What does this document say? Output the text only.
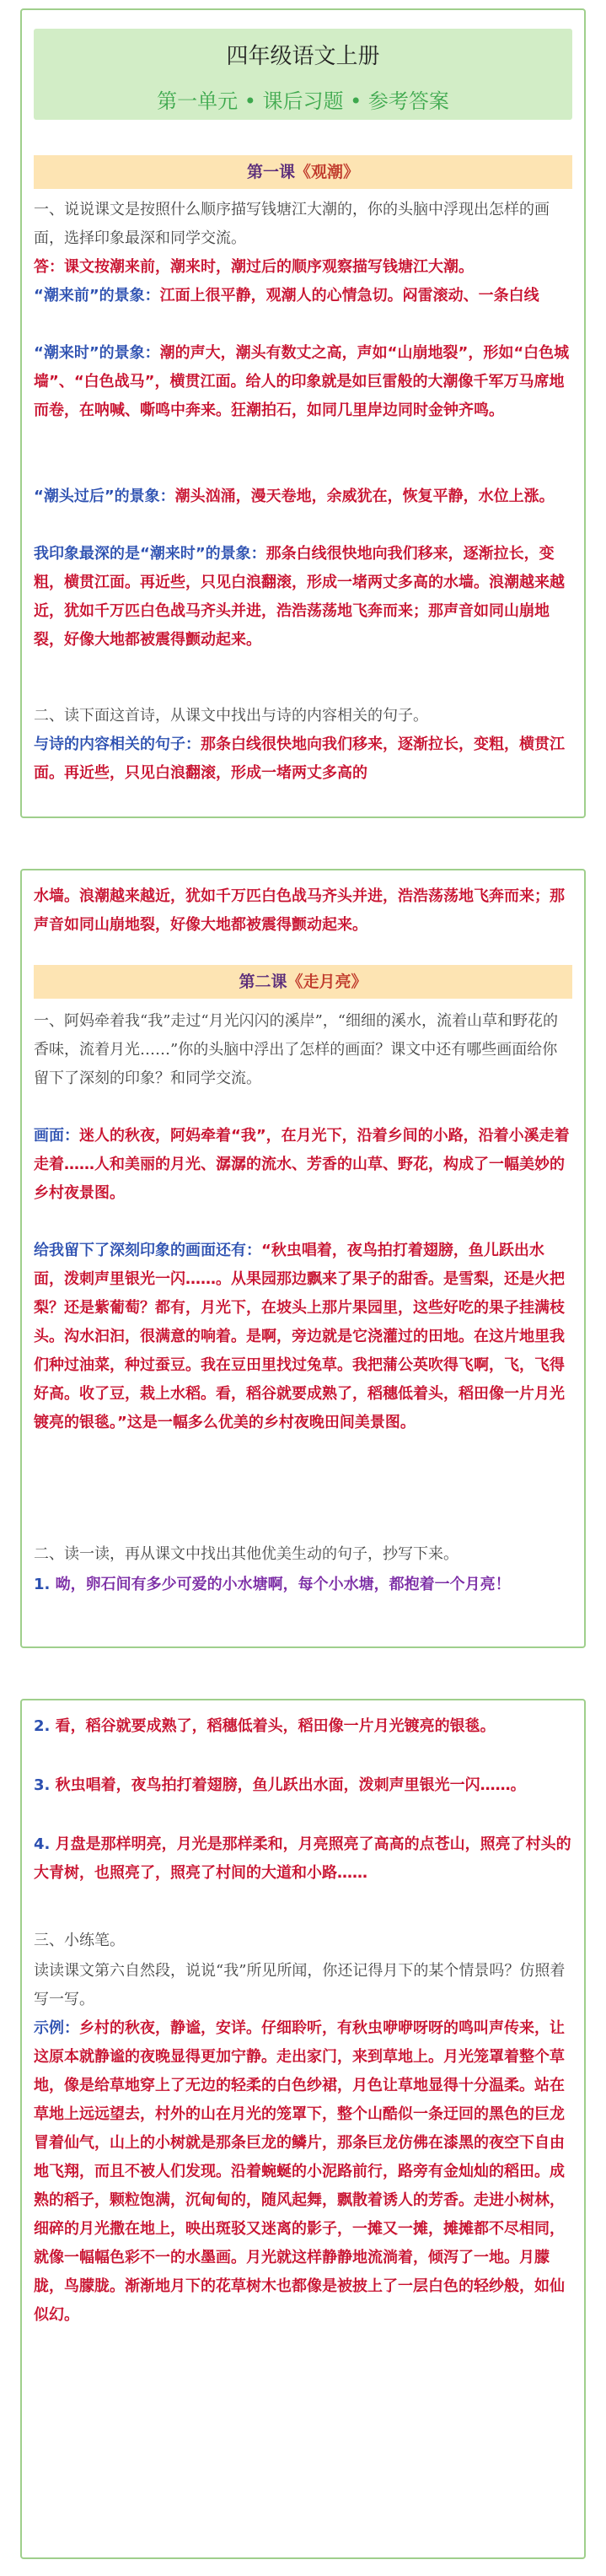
四年级语文上册
第一单元 • 课后习题 • 参考答案
第一课《观潮》

一、说说课文是按照什么顺序描写钱塘江大潮的，你的头脑中浮现出怎样的画面，选择印象最深和同学交流。

答：课文按潮来前，潮来时，潮过后的顺序观察描写钱塘江大潮。

“潮来前”的景象：江面上很平静，观潮人的心情急切。闷雷滚动、一条白线

“潮来时”的景象：潮的声大，潮头有数丈之高，声如“山崩地裂”，形如“白色城墙”、“白色战马”，横贯江面。给人的印象就是如巨雷般的大潮像千军万马席地而卷，在呐喊、嘶鸣中奔来。狂潮拍石，如同几里岸边同时金钟齐鸣。

“潮头过后”的景象：潮头汹涌，漫天卷地，余威犹在，恢复平静，水位上涨。

我印象最深的是“潮来时”的景象：那条白线很快地向我们移来，逐渐拉长，变粗，横贯江面。再近些，只见白浪翻滚，形成一堵两丈多高的水墙。浪潮越来越近，犹如千万匹白色战马齐头并进，浩浩荡荡地飞奔而来；那声音如同山崩地裂，好像大地都被震得颤动起来。

二、读下面这首诗，从课文中找出与诗的内容相关的句子。

与诗的内容相关的句子：那条白线很快地向我们移来，逐渐拉长，变粗，横贯江面。再近些，只见白浪翻滚，形成一堵两丈多高的

水墙。浪潮越来越近，犹如千万匹白色战马齐头并进，浩浩荡荡地飞奔而来；那声音如同山崩地裂，好像大地都被震得颤动起来。

第二课《走月亮》

一、阿妈牵着我“我”走过“月光闪闪的溪岸”，“细细的溪水，流着山草和野花的香味，流着月光……”你的头脑中浮出了怎样的画面？课文中还有哪些画面给你留下了深刻的印象？和同学交流。

画面：迷人的秋夜，阿妈牵着“我”，在月光下，沿着乡间的小路，沿着小溪走着走着……人和美丽的月光、潺潺的流水、芳香的山草、野花，构成了一幅美妙的乡村夜景图。

给我留下了深刻印象的画面还有：“秋虫唱着，夜鸟拍打着翅膀，鱼儿跃出水面，泼刺声里银光一闪……。从果园那边飘来了果子的甜香。是雪梨，还是火把梨？还是紫葡萄？都有，月光下，在坡头上那片果园里，这些好吃的果子挂满枝头。沟水汩汩，很满意的响着。是啊，旁边就是它浇灌过的田地。在这片地里我们种过油菜，种过蚕豆。我在豆田里找过兔草。我把蒲公英吹得飞啊，飞，飞得好高。收了豆，栽上水稻。看，稻谷就要成熟了，稻穗低着头，稻田像一片月光镀亮的银毯。”这是一幅多么优美的乡村夜晚田间美景图。

二、读一读，再从课文中找出其他优美生动的句子，抄写下来。

1. 呦，卵石间有多少可爱的小水塘啊，每个小水塘，都抱着一个月亮！

2. 看，稻谷就要成熟了，稻穗低着头，稻田像一片月光镀亮的银毯。

3. 秋虫唱着，夜鸟拍打着翅膀，鱼儿跃出水面，泼刺声里银光一闪……。

4. 月盘是那样明亮，月光是那样柔和，月亮照亮了高高的点苍山，照亮了村头的大青树，也照亮了，照亮了村间的大道和小路……

三、小练笔。

读读课文第六自然段，说说“我”所见所闻，你还记得月下的某个情景吗？仿照着写一写。

示例：乡村的秋夜，静谧，安详。仔细聆听，有秋虫咿咿呀呀的鸣叫声传来，让这原本就静谧的夜晚显得更加宁静。走出家门，来到草地上。月光笼罩着整个草地，像是给草地穿上了无边的轻柔的白色纱裙，月色让草地显得十分温柔。站在草地上远远望去，村外的山在月光的笼罩下，整个山酷似一条迂回的黑色的巨龙冒着仙气，山上的小树就是那条巨龙的鳞片，那条巨龙仿佛在漆黑的夜空下自由地飞翔，而且不被人们发现。沿着蜿蜒的小泥路前行，路旁有金灿灿的稻田。成熟的稻子，颗粒饱满，沉甸甸的，随风起舞，飘散着诱人的芳香。走进小树林，细碎的月光撒在地上，映出斑驳又迷离的影子，一摊又一摊，摊摊都不尽相同，就像一幅幅色彩不一的水墨画。月光就这样静静地流淌着，倾泻了一地。月朦胧，鸟朦胧。渐渐地月下的花草树木也都像是被披上了一层白色的轻纱般，如仙似幻。
